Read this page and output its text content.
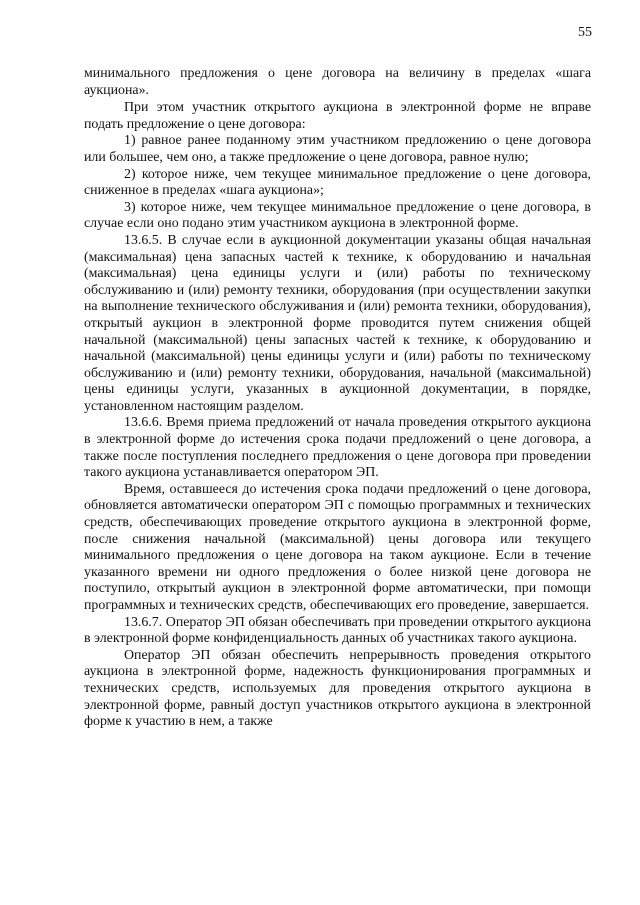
55

минимального предложения о цене договора на величину в пределах «шага аукциона».

При этом участник открытого аукциона в электронной форме не вправе подать предложение о цене договора:

1) равное ранее поданному этим участником предложению о цене договора или большее, чем оно, а также предложение о цене договора, равное нулю;

2) которое ниже, чем текущее минимальное предложение о цене договора, сниженное в пределах «шага аукциона»;

3) которое ниже, чем текущее минимальное предложение о цене договора, в случае если оно подано этим участником аукциона в электронной форме.

13.6.5. В случае если в аукционной документации указаны общая начальная (максимальная) цена запасных частей к технике, к оборудованию и начальная (максимальная) цена единицы услуги и (или) работы по техническому обслуживанию и (или) ремонту техники, оборудования (при осуществлении закупки на выполнение технического обслуживания и (или) ремонта техники, оборудования), открытый аукцион в электронной форме проводится путем снижения общей начальной (максимальной) цены запасных частей к технике, к оборудованию и начальной (максимальной) цены единицы услуги и (или) работы по техническому обслуживанию и (или) ремонту техники, оборудования, начальной (максимальной) цены единицы услуги, указанных в аукционной документации, в порядке, установленном настоящим разделом.

13.6.6. Время приема предложений от начала проведения открытого аукциона в электронной форме до истечения срока подачи предложений о цене договора, а также после поступления последнего предложения о цене договора при проведении такого аукциона устанавливается оператором ЭП.

Время, оставшееся до истечения срока подачи предложений о цене договора, обновляется автоматически оператором ЭП с помощью программных и технических средств, обеспечивающих проведение открытого аукциона в электронной форме, после снижения начальной (максимальной) цены договора или текущего минимального предложения о цене договора на таком аукционе. Если в течение указанного времени ни одного предложения о более низкой цене договора не поступило, открытый аукцион в электронной форме автоматически, при помощи программных и технических средств, обеспечивающих его проведение, завершается.

13.6.7. Оператор ЭП обязан обеспечивать при проведении открытого аукциона в электронной форме конфиденциальность данных об участниках такого аукциона.

Оператор ЭП обязан обеспечить непрерывность проведения открытого аукциона в электронной форме, надежность функционирования программных и технических средств, используемых для проведения открытого аукциона в электронной форме, равный доступ участников открытого аукциона в электронной форме к участию в нем, а также
